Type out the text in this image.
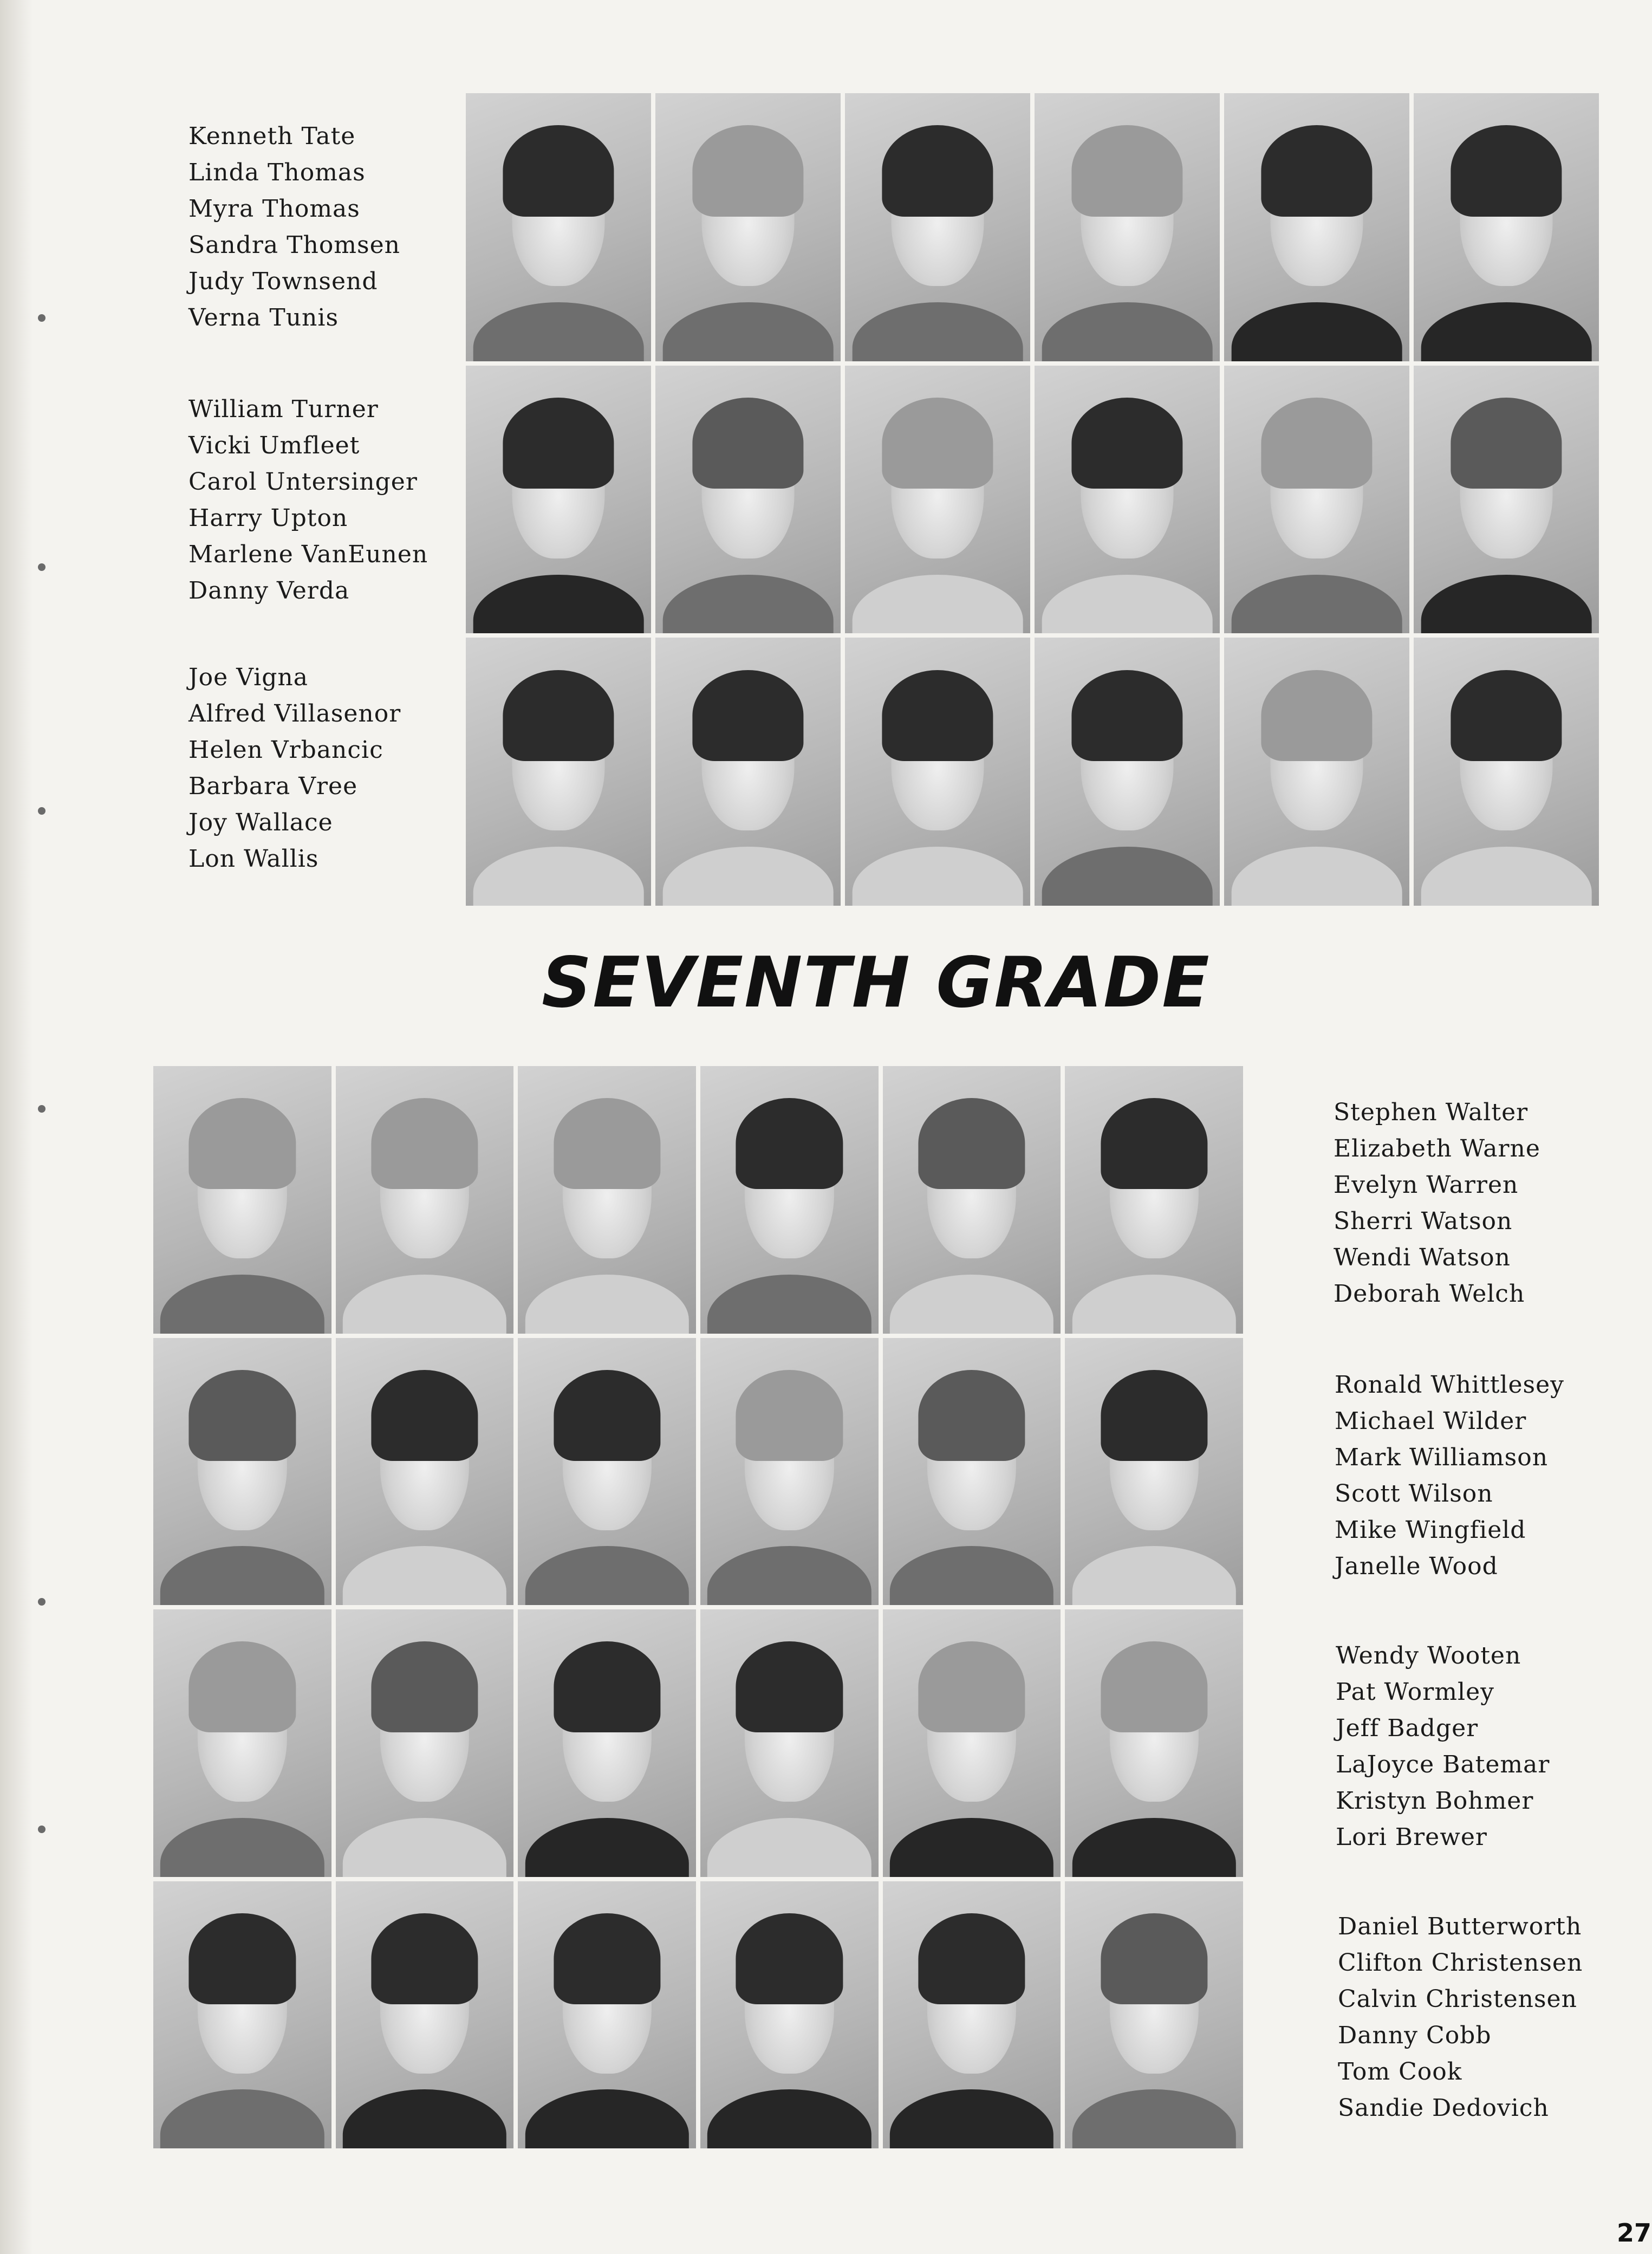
Kenneth Tate
Linda Thomas
Myra Thomas
Sandra Thomsen
Judy Townsend
Verna Tunis
William Turner
Vicki Umfleet
Carol Untersinger
Harry Upton
Marlene VanEunen
Danny Verda
Joe Vigna
Alfred Villasenor
Helen Vrbancic
Barbara Vree
Joy Wallace
Lon Wallis
SEVENTH GRADE
Stephen Walter
Elizabeth Warne
Evelyn Warren
Sherri Watson
Wendi Watson
Deborah Welch
Ronald Whittlesey
Michael Wilder
Mark Williamson
Scott Wilson
Mike Wingfield
Janelle Wood
Wendy Wooten
Pat Wormley
Jeff Badger
LaJoyce Batemar
Kristyn Bohmer
Lori Brewer
Daniel Butterworth
Clifton Christensen
Calvin Christensen
Danny Cobb
Tom Cook
Sandie Dedovich
27
